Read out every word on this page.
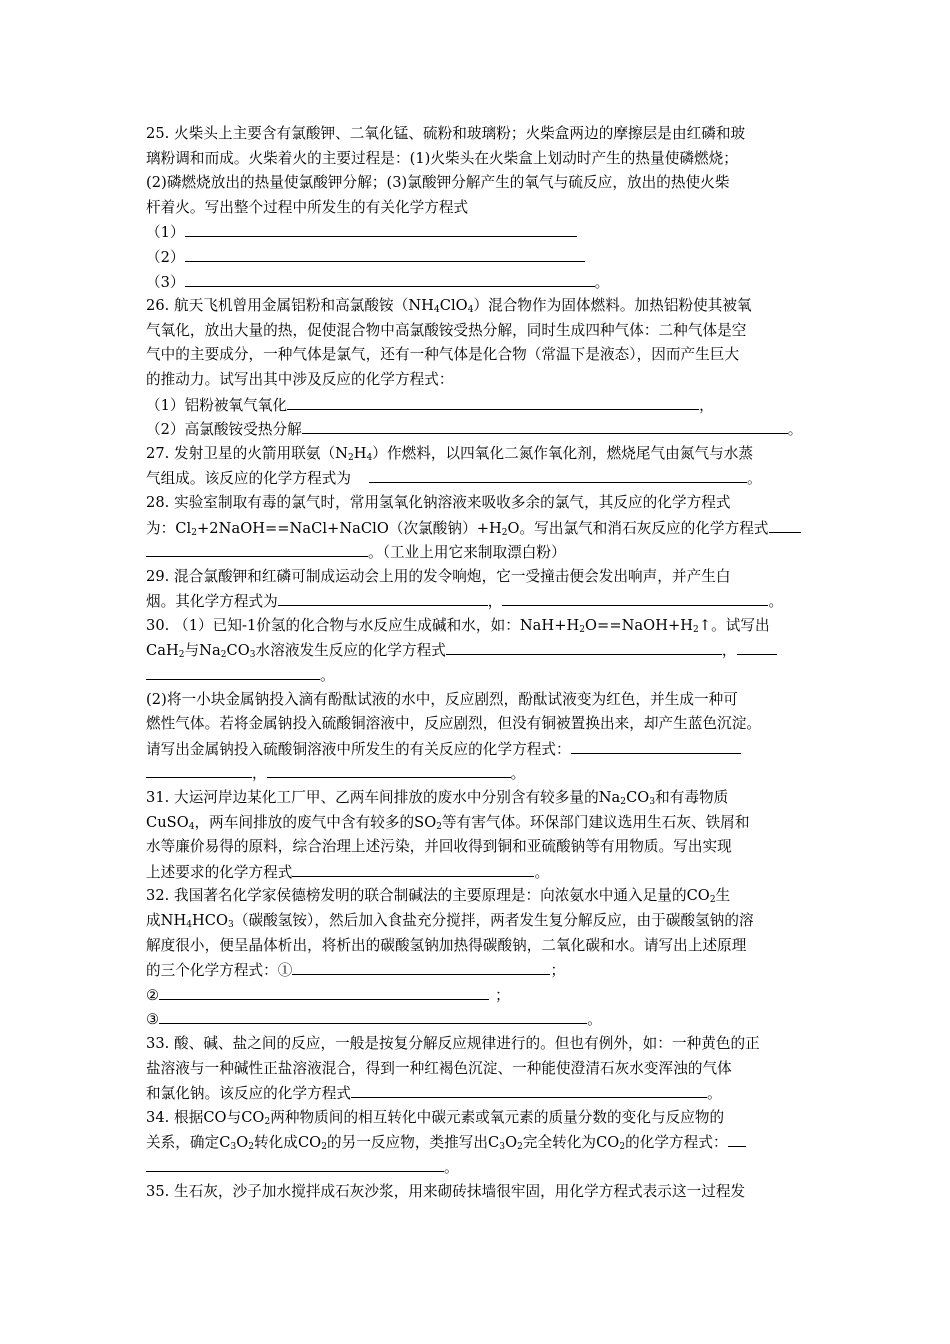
25. 火柴头上主要含有氯酸钾、二氧化锰、硫粉和玻璃粉；火柴盒两边的摩擦层是由红磷和玻
璃粉调和而成。火柴着火的主要过程是：(1)火柴头在火柴盒上划动时产生的热量使磷燃烧；
(2)磷燃烧放出的热量使氯酸钾分解；(3)氯酸钾分解产生的氧气与硫反应，放出的热使火柴
杆着火。写出整个过程中所发生的有关化学方程式
（1）
（2）
（3）	。
26. 航天飞机曾用金属铝粉和高氯酸铵$(NH_4ClO_4)$混合物作为固体燃料。加热铝粉使其被氧
气氧化，放出大量的热，促使混合物中高氯酸铵受热分解，同时生成四种气体：二种气体是空
气中的主要成分，一种气体是氯气，还有一种气体是化合物（常温下是液态），因而产生巨大
的推动力。试写出其中涉及反应的化学方程式：
（1）铝粉被氧气氧化	，
（2）高氯酸铵受热分解	。
27. 发射卫星的火箭用联氨$(N_2H_4)$作燃料，以四氧化二氮作氧化剂，燃烧尾气由氮气与水蒸
气组成。该反应的化学方程式为	。
28. 实验室制取有毒的氯气时，常用氢氧化钠溶液来吸收多余的氯气，其反应的化学方程式
为：$Cl_2+2NaOH==NaCl+NaClO$（次氯酸钠）$+H_2O$。写出氯气和消石灰反应的化学方程式
。（工业上用它来制取漂白粉）
29. 混合氯酸钾和红磷可制成运动会上用的发令响炮，它一受撞击便会发出响声，并产生白
烟。其化学方程式为	，	。
30. （1）已知-1价氢的化合物与水反应生成碱和水，如：$NaH+H_2O==NaOH+H_2↑$。试写出
CaH$_2$与$Na_2CO_3$水溶液发生反应的化学方程式	，
。
(2)将一小块金属钠投入滴有酚酞试液的水中，反应剧烈，酚酞试液变为红色，并生成一种可
燃性气体。若将金属钠投入硫酸铜溶液中，反应剧烈，但没有铜被置换出来，却产生蓝色沉淀。
请写出金属钠投入硫酸铜溶液中所发生的有关反应的化学方程式：
，	。
31. 大运河岸边某化工厂甲、乙两车间排放的废水中分别含有较多量的$Na_2CO_3$和有毒物质
CuSO$_4$，两车间排放的废气中含有较多的$SO_2$等有害气体。环保部门建议选用生石灰、铁屑和
水等廉价易得的原料，综合治理上述污染，并回收得到铜和亚硫酸钠等有用物质。写出实现
上述要求的化学方程式	。
32. 我国著名化学家侯德榜发明的联合制碱法的主要原理是：向浓氨水中通入足量的$CO_2$生
成$NH_4HCO_3$（碳酸氢铵），然后加入食盐充分搅拌，两者发生复分解反应，由于碳酸氢钠的溶
解度很小，便呈晶体析出，将析出的碳酸氢钠加热得碳酸钠，二氧化碳和水。请写出上述原理
的三个化学方程式：①	；
②	；
③	。
33. 酸、碱、盐之间的反应，一般是按复分解反应规律进行的。但也有例外，如：一种黄色的正
盐溶液与一种碱性正盐溶液混合，得到一种红褐色沉淀、一种能使澄清石灰水变浑浊的气体
和氯化钠。该反应的化学方程式	。
34. 根据CO与$CO_2$两种物质间的相互转化中碳元素或氧元素的质量分数的变化与反应物的
关系，确定$C_3O_2$转化成$CO_2$的另一反应物，类推写出$C_3O_2$完全转化为$CO_2$的化学方程式：
。
35. 生石灰，沙子加水搅拌成石灰沙浆，用来砌砖抹墙很牢固，用化学方程式表示这一过程发
